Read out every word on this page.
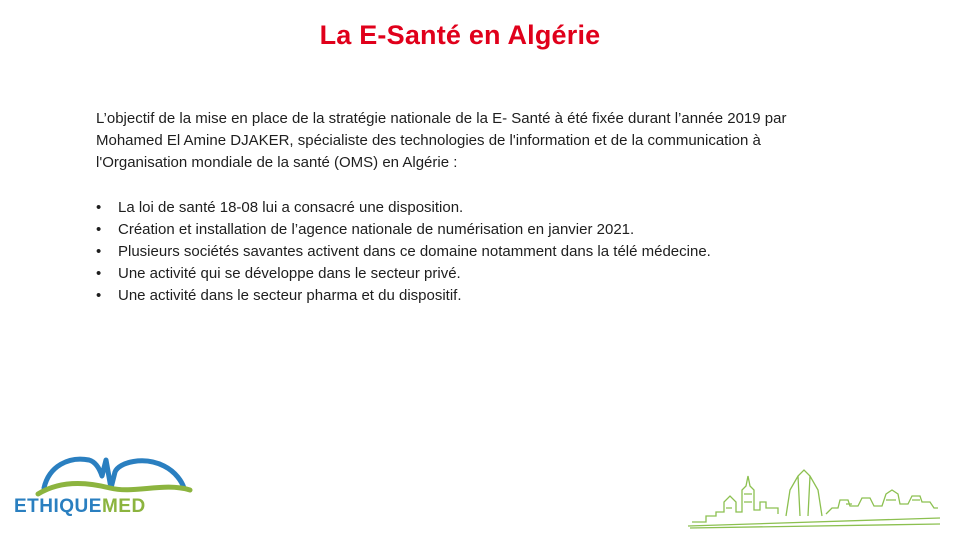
La E-Santé en Algérie

L’objectif de la mise en place de la stratégie nationale de la E- Santé à été fixée durant l’année 2019 par Mohamed El Amine DJAKER, spécialiste des technologies de l'information et de la communication à l'Organisation mondiale de la santé (OMS) en Algérie :

•	La loi de santé 18-08 lui a consacré une disposition.
•	Création et installation de l’agence nationale de numérisation en janvier 2021.
•	Plusieurs sociétés savantes activent dans ce domaine notamment dans la télé médecine.
•	Une activité qui se développe dans le secteur privé.
•	Une activité dans le secteur pharma et du dispositif.
ETHIQUEMED
